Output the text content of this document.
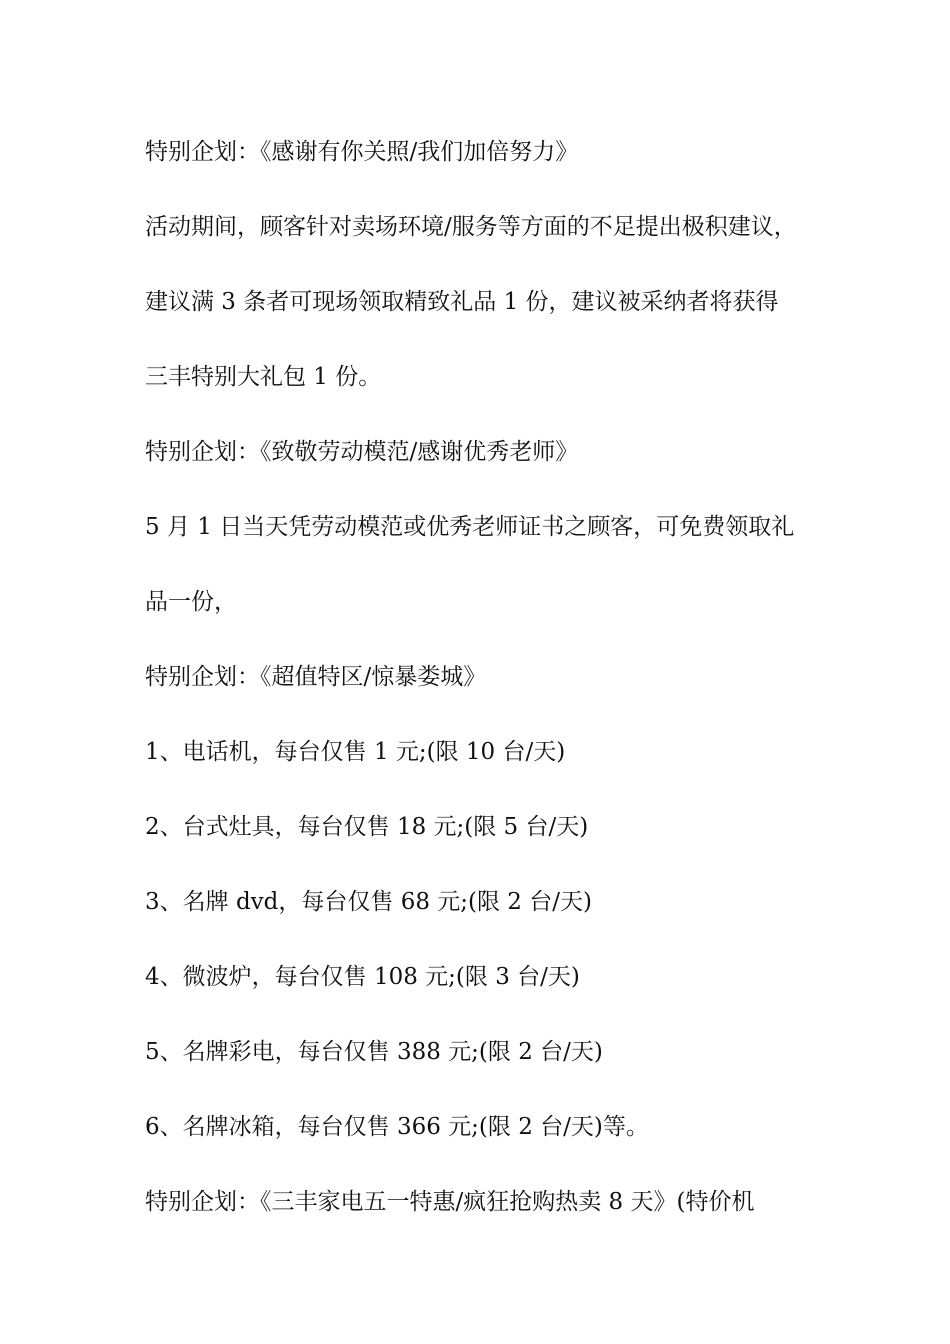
特别企划：《感谢有你关照/我们加倍努力》
活动期间，顾客针对卖场环境/服务等方面的不足提出极积建议，
建议满 3 条者可现场领取精致礼品 1 份，建议被采纳者将获得
三丰特别大礼包 1 份。
特别企划：《致敬劳动模范/感谢优秀老师》
5 月 1 日当天凭劳动模范或优秀老师证书之顾客，可免费领取礼
品一份，
特别企划：《超值特区/惊暴娄城》
1、电话机，每台仅售 1 元;(限 10 台/天)
2、台式灶具，每台仅售 18 元;(限 5 台/天)
3、名牌 dvd，每台仅售 68 元;(限 2 台/天)
4、微波炉，每台仅售 108 元;(限 3 台/天)
5、名牌彩电，每台仅售 388 元;(限 2 台/天)
6、名牌冰箱，每台仅售 366 元;(限 2 台/天)等。
特别企划：《三丰家电五一特惠/疯狂抢购热卖 8 天》(特价机
